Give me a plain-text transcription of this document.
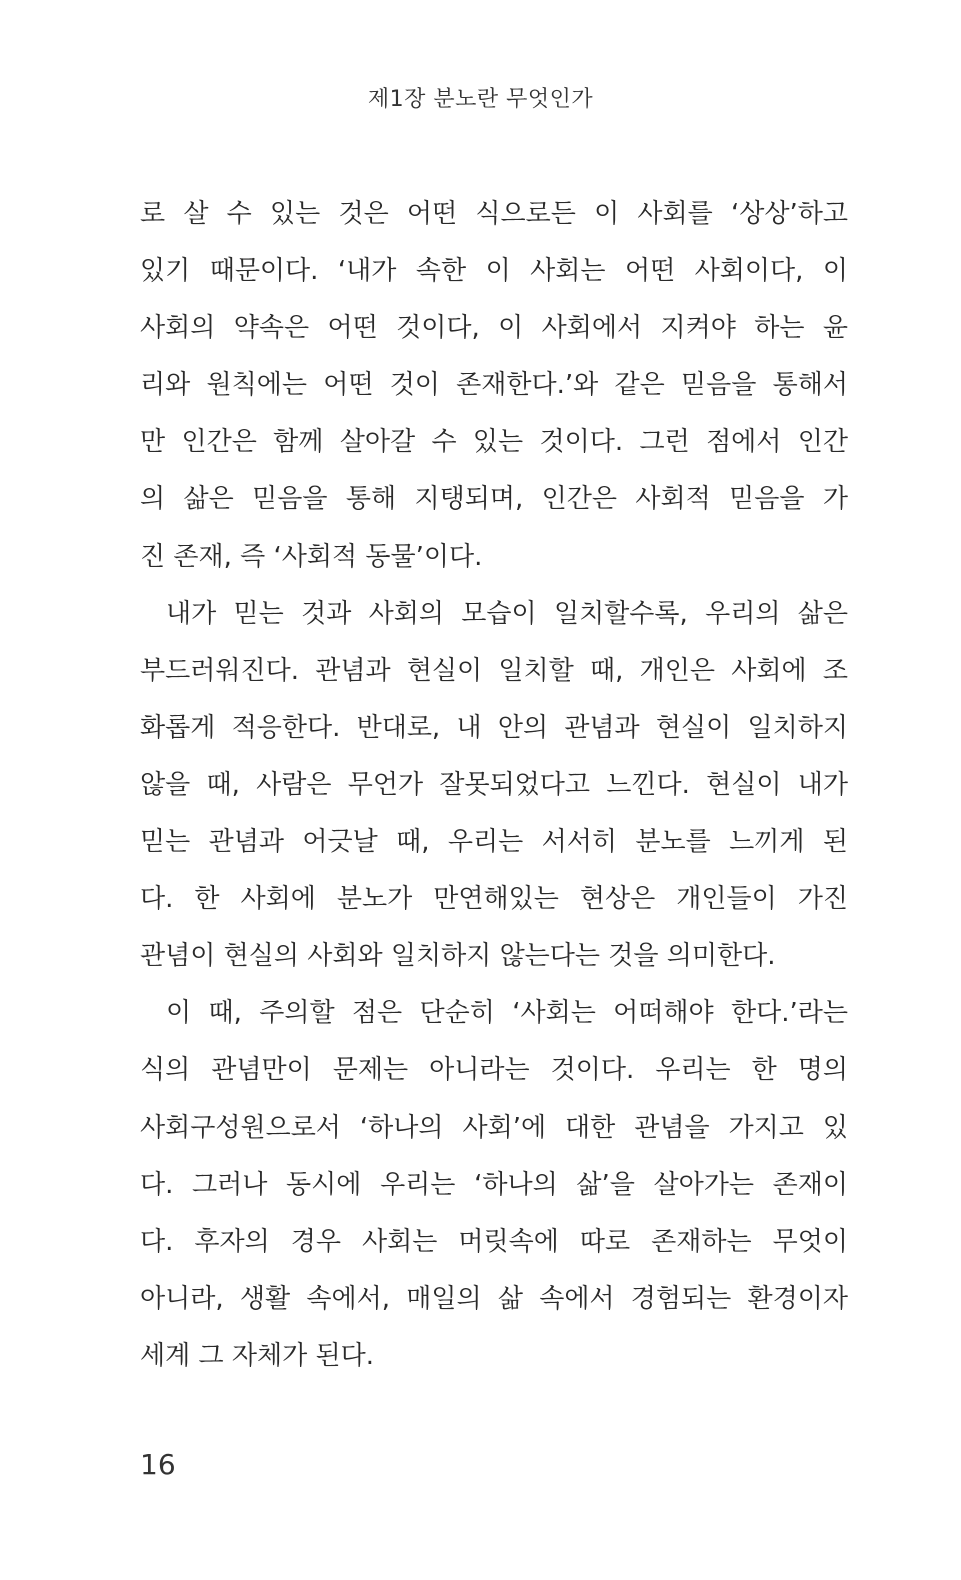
제1장 분노란 무엇인가
로 살 수 있는 것은 어떤 식으로든 이 사회를 ‘상상’하고
있기 때문이다. ‘내가 속한 이 사회는 어떤 사회이다, 이
사회의 약속은 어떤 것이다, 이 사회에서 지켜야 하는 윤
리와 원칙에는 어떤 것이 존재한다.’와 같은 믿음을 통해서
만 인간은 함께 살아갈 수 있는 것이다. 그런 점에서 인간
의 삶은 믿음을 통해 지탱되며, 인간은 사회적 믿음을 가
진 존재, 즉 ‘사회적 동물’이다.
내가 믿는 것과 사회의 모습이 일치할수록, 우리의 삶은
부드러워진다. 관념과 현실이 일치할 때, 개인은 사회에 조
화롭게 적응한다. 반대로, 내 안의 관념과 현실이 일치하지
않을 때, 사람은 무언가 잘못되었다고 느낀다. 현실이 내가
믿는 관념과 어긋날 때, 우리는 서서히 분노를 느끼게 된
다. 한 사회에 분노가 만연해있는 현상은 개인들이 가진
관념이 현실의 사회와 일치하지 않는다는 것을 의미한다.
이 때, 주의할 점은 단순히 ‘사회는 어떠해야 한다.’라는
식의 관념만이 문제는 아니라는 것이다. 우리는 한 명의
사회구성원으로서 ‘하나의 사회’에 대한 관념을 가지고 있
다. 그러나 동시에 우리는 ‘하나의 삶’을 살아가는 존재이
다. 후자의 경우 사회는 머릿속에 따로 존재하는 무엇이
아니라, 생활 속에서, 매일의 삶 속에서 경험되는 환경이자
세계 그 자체가 된다.
16
